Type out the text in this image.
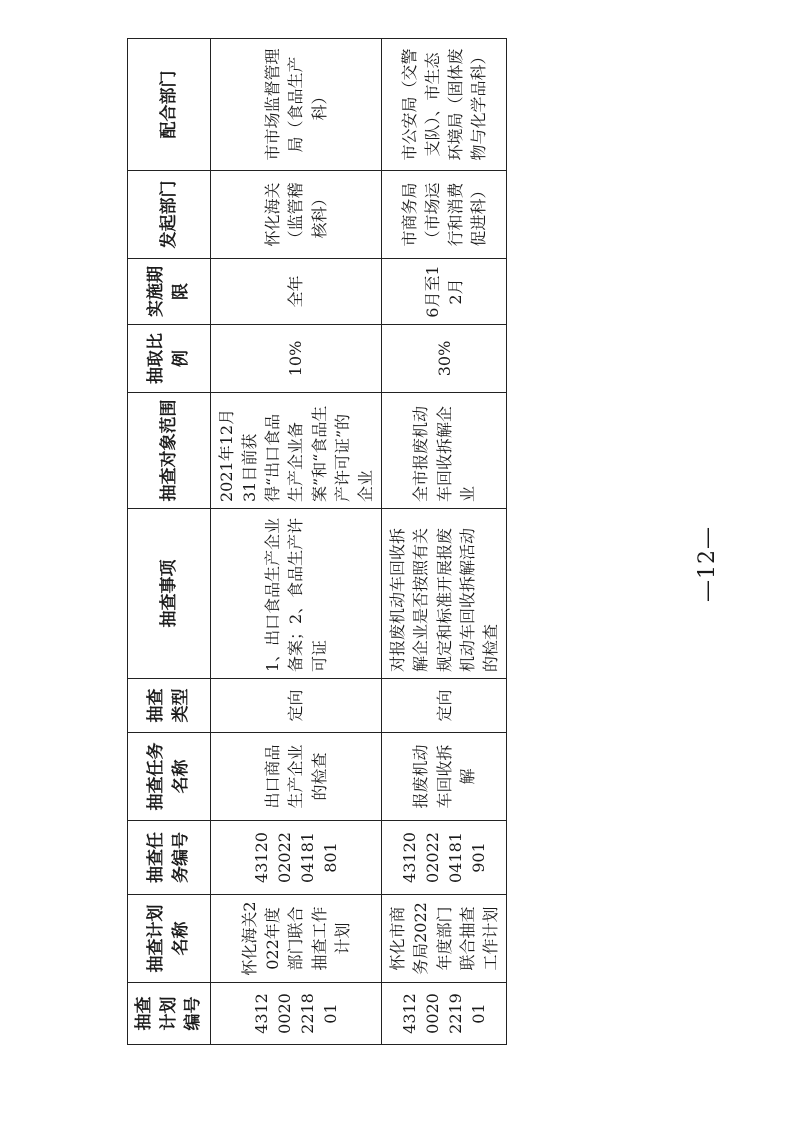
抽查计划编号	抽查计划名称	抽查任务编号	抽查任务名称	抽查类型	抽查事项	抽查对象范围	抽取比例	实施期限	发起部门	配合部门
43120020221801	怀化海关2022年度部门联合抽查工作计划	431200202204181801	出口商品生产企业的检查	定向	1、出口食品生产企业备案；2、食品生产许可证	2021年12月31日前获得“出口食品生产企业备案”和“食品生产许可证”的企业	10%	全年	怀化海关（监管稽核科）	市市场监督管理局（食品生产科）
43120020221901	怀化市商务局2022年度部门联合抽查工作计划	431200202204181901	报废机动车回收拆解	定向	对报废机动车回收拆解企业是否按照有关规定和标准开展报废机动车回收拆解活动的检查	全市报废机动车回收拆解企业	30%	6月至12月	市商务局（市场运行和消费促进科）	市公安局（交警支队）、市生态环境局（固体废物与化学品科）
—12—
